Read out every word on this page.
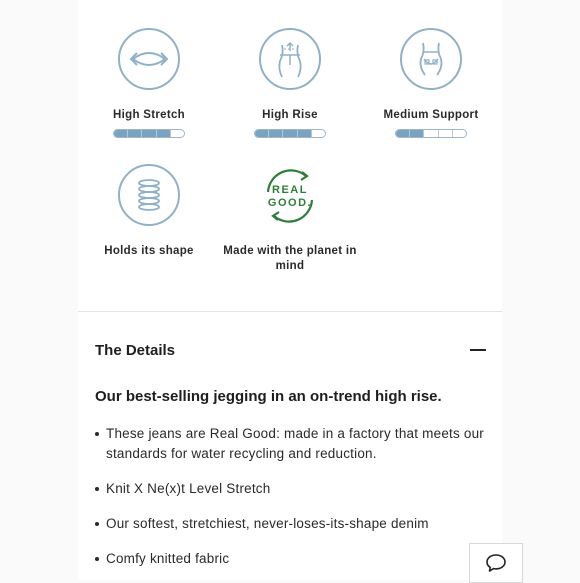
High Stretch	High Rise	Medium Support
Holds its shape
REAL
GOOD.
Made with the planet in mind
The Details
Our best-selling jegging in an on-trend high rise.
These jeans are Real Good: made in a factory that meets our standards for water recycling and reduction.
Knit X Ne(x)t Level Stretch
Our softest, stretchiest, never-loses-its-shape denim
Comfy knitted fabric
